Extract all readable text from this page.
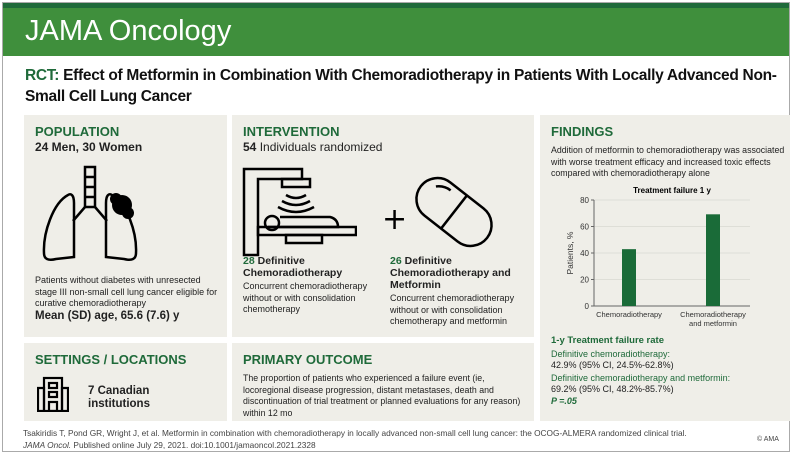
JAMA Oncology
RCT: Effect of Metformin in Combination With Chemoradiotherapy in Patients With Locally Advanced Non-Small Cell Lung Cancer
POPULATION
24 Men, 30 Women
Patients without diabetes with unresected stage III non-small cell lung cancer eligible for curative chemoradiotherapy
Mean (SD) age, 65.6 (7.6) y
INTERVENTION
54 Individuals randomized
+
28 Definitive Chemoradiotherapy
Concurrent chemoradiotherapy without or with consolidation chemotherapy
26 Definitive Chemoradiotherapy and Metformin
Concurrent chemoradiotherapy without or with consolidation chemotherapy and metformin
SETTINGS / LOCATIONS
7 Canadian institutions
PRIMARY OUTCOME
The proportion of patients who experienced a failure event (ie, locoregional disease progression, distant metastases, death and discontinuation of trial treatment or planned evaluations for any reason) within 12 mo
FINDINGS
Addition of metformin to chemoradiotherapy was associated with worse treatment efficacy and increased toxic effects compared with chemoradiotherapy alone
Treatment failure 1 y
0
20
40
60
80
Patients, %
Chemoradiotherapy Chemoradiotherapy
and metformin
1-y Treatment failure rate
Definitive chemoradiotherapy:
42.9% (95% CI, 24.5%-62.8%)
Definitive chemoradiotherapy and metformin:
69.2% (95% CI, 48.2%-85.7%)
P =.05
Tsakiridis T, Pond GR, Wright J, et al. Metformin in combination with chemoradiotherapy in locally advanced non-small cell lung cancer: the OCOG-ALMERA randomized clinical trial.
JAMA Oncol. Published online July 29, 2021. doi:10.1001/jamaoncol.2021.2328
© AMA
